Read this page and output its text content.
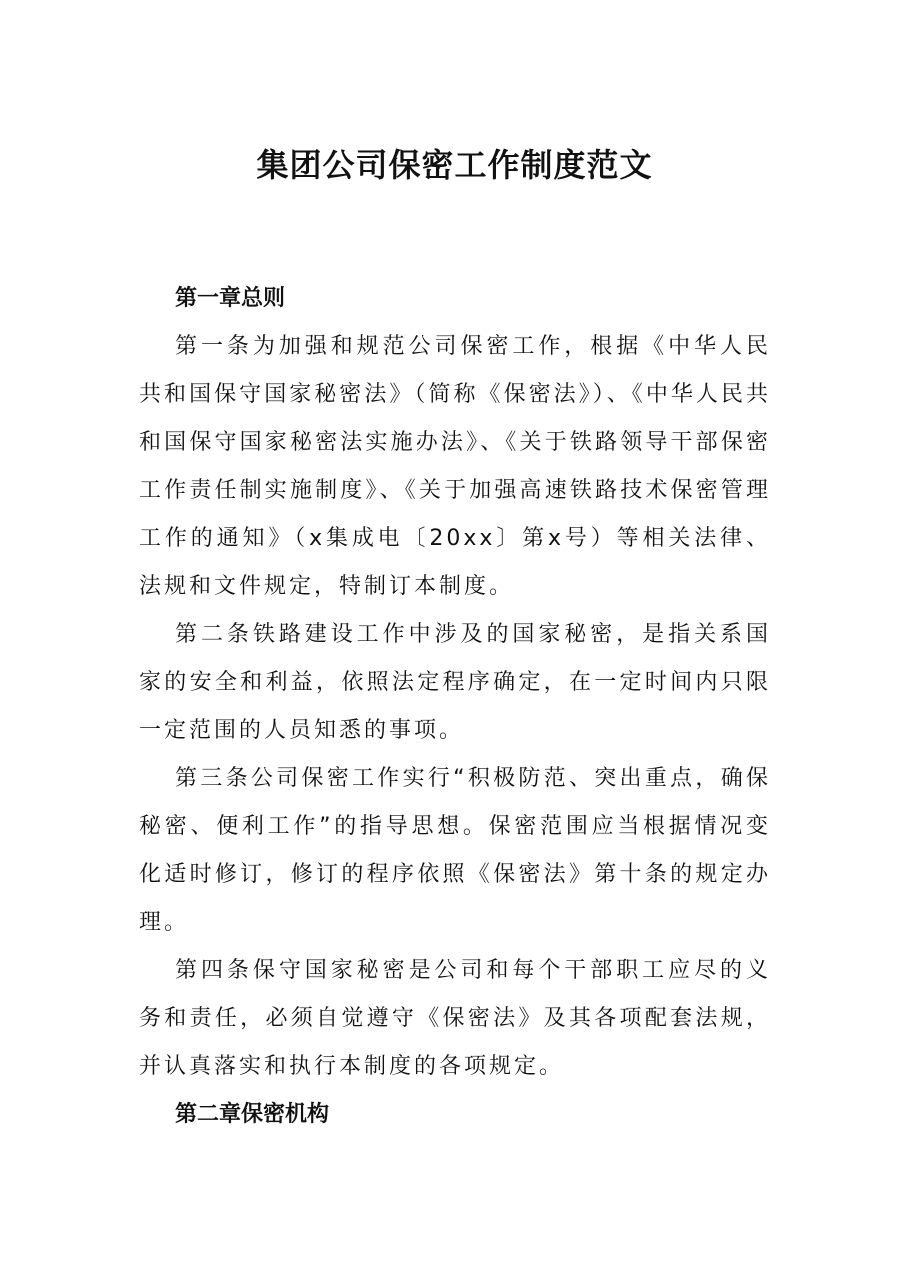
集团公司保密工作制度范文

第一章总则

第一条为加强和规范公司保密工作，根据《中华人民共和国保守国家秘密法》（简称《保密法》）、《中华人民共和国保守国家秘密法实施办法》、《关于铁路领导干部保密工作责任制实施制度》、《关于加强高速铁路技术保密管理工作的通知》（x集成电〔20xx〕第x号）等相关法律、法规和文件规定，特制订本制度。

第二条铁路建设工作中涉及的国家秘密，是指关系国家的安全和利益，依照法定程序确定，在一定时间内只限一定范围的人员知悉的事项。

第三条公司保密工作实行“积极防范、突出重点，确保秘密、便利工作”的指导思想。保密范围应当根据情况变化适时修订，修订的程序依照《保密法》第十条的规定办理。

第四条保守国家秘密是公司和每个干部职工应尽的义务和责任，必须自觉遵守《保密法》及其各项配套法规，并认真落实和执行本制度的各项规定。

第二章保密机构
